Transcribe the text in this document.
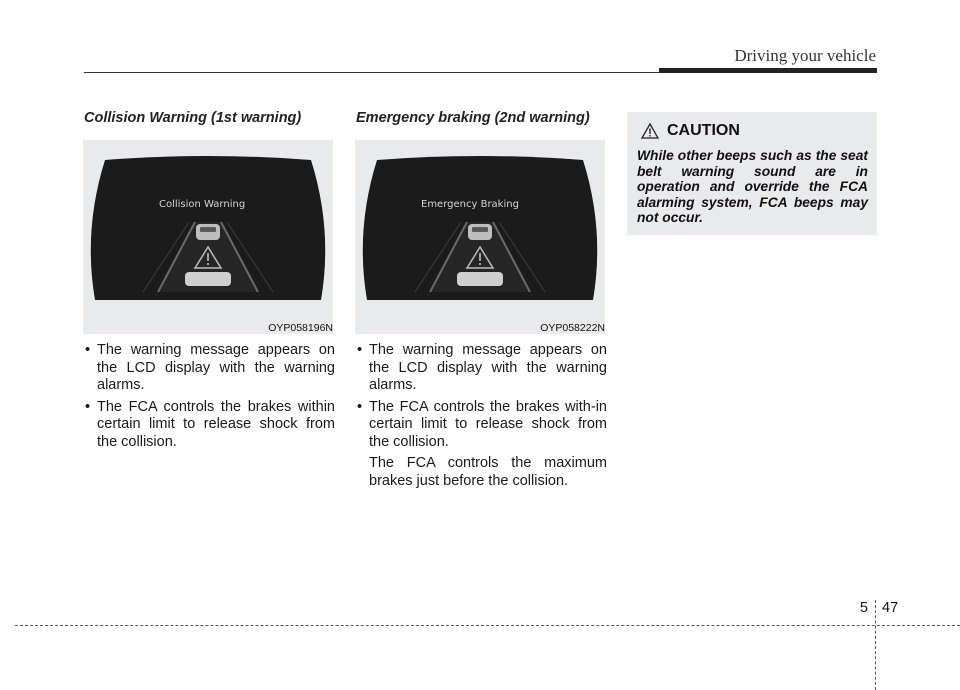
Driving your vehicle
Collision Warning (1st warning)
Collision Warning
OYP058196N
• The warning message appears on the LCD display with the warning alarms.
• The FCA controls the brakes within certain limit to release shock from the collision.
Emergency braking (2nd warning)
Emergency Braking
OYP058222N
• The warning message appears on the LCD display with the warning alarms.
• The FCA controls the brakes with-in certain limit to release shock from the collision.

The FCA controls the maximum brakes just before the collision.

CAUTION

While other beeps such as the seat belt warning sound are in operation and override the FCA alarming system, FCA beeps may not occur.

5 47
